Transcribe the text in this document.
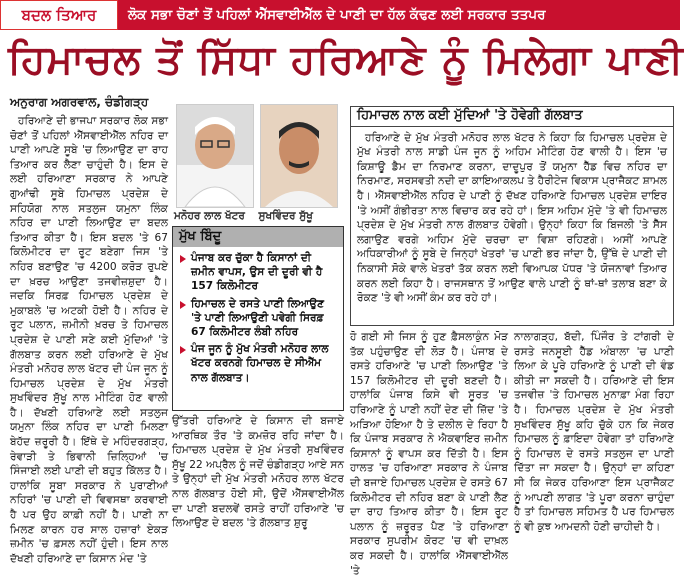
ਬਦਲ ਤਿਆਰ	ਲੋਕ ਸਭਾ ਚੋਣਾਂ ਤੋਂ ਪਹਿਲਾਂ ਐੱਸਵਾਈਐੱਲ ਦੇ ਪਾਣੀ ਦਾ ਹੱਲ ਕੱਢਣ ਲਈ ਸਰਕਾਰ ਤਤਪਰ
ਹਿਮਾਚਲ ਤੋਂ ਸਿੱਧਾ ਹਰਿਆਣੇ ਨੂੰ ਮਿਲੇਗਾ ਪਾਣੀ
ਅਨੁਰਾਗ ਅਗਰਵਾਲ, ਚੰਡੀਗੜ੍ਹ

ਹਰਿਆਣੇ ਦੀ ਭਾਜਪਾ ਸਰਕਾਰ ਲੋਕ ਸਭਾ ਚੋਣਾਂ ਤੋਂ ਪਹਿਲਾਂ ਐੱਸਵਾਈਐੱਲ ਨਹਿਰ ਦਾ ਪਾਣੀ ਆਪਣੇ ਸੂਬੇ 'ਚ ਲਿਆਉਣ ਦਾ ਰਾਹ ਤਿਆਰ ਕਰ ਲੈਣਾ ਚਾਹੁੰਦੀ ਹੈ। ਇਸ ਦੇ ਲਈ ਹਰਿਆਣਾ ਸਰਕਾਰ ਨੇ ਆਪਣੇ ਗੁਆਂਢੀ ਸੂਬੇ ਹਿਮਾਚਲ ਪ੍ਰਦੇਸ਼ ਦੇ ਸਹਿਯੋਗ ਨਾਲ ਸਤਲੁਜ ਯਮੁਨਾ ਲਿੰਕ ਨਹਿਰ ਦਾ ਪਾਣੀ ਲਿਆਉਣ ਦਾ ਬਦਲ ਤਿਆਰ ਕੀਤਾ ਹੈ। ਇਸ ਬਦਲ 'ਤੇ 67 ਕਿਲੋਮੀਟਰ ਦਾ ਰੂਟ ਬਣੇਗਾ ਜਿਸ 'ਤੇ ਨਹਿਰ ਬਣਾਉਣ 'ਚ 4200 ਕਰੋੜ ਰੁਪਏ ਦਾ ਖ਼ਰਚ ਆਉਣਾ ਤਜਵੀਜ਼ਸ਼ੁਦਾ ਹੈ। ਜਦਕਿ ਸਿਰਫ਼ ਹਿਮਾਚਲ ਪ੍ਰਦੇਸ਼ ਦੇ ਮੁਕਾਬਲੇ 'ਚ ਅਟਕੀ ਹੋਈ ਹੈ। ਨਹਿਰ ਦੇ ਰੂਟ ਪਲਾਨ, ਜ਼ਮੀਨੀ ਖ਼ਰਚ ਤੇ ਹਿਮਾਚਲ ਪ੍ਰਦੇਸ਼ ਦੇ ਪਾਣੀ ਸਣੇ ਕਈ ਮੁੱਦਿਆਂ 'ਤੇ ਗੱਲਬਾਤ ਕਰਨ ਲਈ ਹਰਿਆਣੇ ਦੇ ਮੁੱਖ ਮੰਤਰੀ ਮਨੋਹਰ ਲਾਲ ਖੱਟਰ ਦੀ ਪੰਜ ਜੂਨ ਨੂੰ ਹਿਮਾਚਲ ਪ੍ਰਦੇਸ਼ ਦੇ ਮੁੱਖ ਮੰਤਰੀ ਸੁਖਵਿੰਦਰ ਸੁੱਖੂ ਨਾਲ ਮੀਟਿੰਗ ਹੋਣ ਵਾਲੀ ਹੈ। ਦੱਖਣੀ ਹਰਿਆਣੇ ਲਈ ਸਤਲੁਜ ਯਮੁਨਾ ਲਿੰਕ ਨਹਿਰ ਦਾ ਪਾਣੀ ਮਿਲਣਾ ਬੇਹੱਦ ਜ਼ਰੂਰੀ ਹੈ। ਇੱਥੇ ਦੇ ਮਹਿੰਦਰਗੜ੍ਹ, ਰੇਵਾੜੀ ਤੇ ਭਿਵਾਨੀ ਜ਼ਿਲ੍ਹਿਆਂ 'ਚ ਸਿੰਜਾਈ ਲਈ ਪਾਣੀ ਦੀ ਬਹੁਤ ਕਿੱਲਤ ਹੈ। ਹਾਲਾਂਕਿ ਸੂਬਾ ਸਰਕਾਰ ਨੇ ਪੁਰਾਣੀਆਂ ਨਹਿਰਾਂ 'ਚ ਪਾਣੀ ਦੀ ਵਿਵਸਥਾ ਕਰਵਾਈ ਹੈ ਪਰ ਉਹ ਕਾਫ਼ੀ ਨਹੀਂ ਹੈ। ਪਾਣੀ ਨਾ ਮਿਲਣ ਕਾਰਨ ਹਰ ਸਾਲ ਹਜ਼ਾਰਾਂ ਏਕੜ ਜ਼ਮੀਨ 'ਚ ਫ਼ਸਲ ਨਹੀਂ ਹੁੰਦੀ। ਇਸ ਨਾਲ ਦੱਖਣੀ ਹਰਿਆਣੇ ਦਾ ਕਿਸਾਨ ਮੰਦ 'ਤੇ

ਮਨੋਹਰ ਲਾਲ ਖੱਟਰ ਸੁਖਵਿੰਦਰ ਸੁੱਖੂ
ਮੁੱਖ ਬਿੰਦੂ
ਪੰਜਾਬ ਕਰ ਚੁੱਕਾ ਹੈ ਕਿਸਾਨਾਂ ਦੀ ਜ਼ਮੀਨ ਵਾਪਸ, ਉਸ ਦੀ ਦੂਰੀ ਵੀ ਹੈ 157 ਕਿਲੋਮੀਟਰ
ਹਿਮਾਚਲ ਦੇ ਰਸਤੇ ਪਾਣੀ ਲਿਆਉਣ 'ਤੇ ਪਾਣੀ ਲਿਆਉਣੀ ਪਵੇਗੀ ਸਿਰਫ਼ 67 ਕਿਲੋਮੀਟਰ ਲੰਬੀ ਨਹਿਰ
ਪੰਜ ਜੂਨ ਨੂੰ ਮੁੱਖ ਮੰਤਰੀ ਮਨੋਹਰ ਲਾਲ ਖੱਟਰ ਕਰਨਗੇ ਹਿਮਾਚਲ ਦੇ ਸੀਐੱਮ ਨਾਲ ਗੱਲਬਾਤ।
ਹਿਮਾਚਲ ਨਾਲ ਕਈ ਮੁੱਦਿਆਂ 'ਤੇ ਹੋਵੇਗੀ ਗੱਲਬਾਤ

ਹਰਿਆਣੇ ਦੇ ਮੁੱਖ ਮੰਤਰੀ ਮਨੋਹਰ ਲਾਲ ਖੱਟਰ ਨੇ ਕਿਹਾ ਕਿ ਹਿਮਾਚਲ ਪ੍ਰਦੇਸ਼ ਦੇ ਮੁੱਖ ਮੰਤਰੀ ਨਾਲ ਸਾਡੀ ਪੰਜ ਜੂਨ ਨੂੰ ਅਹਿਮ ਮੀਟਿੰਗ ਹੋਣ ਵਾਲੀ ਹੈ। ਇਸ 'ਚ ਕਿਸ਼ਾਊ ਡੈਮ ਦਾ ਨਿਰਮਾਣ ਕਰਨਾ, ਦਾਦੂਪੁਰ ਤੋਂ ਯਮੁਨਾ ਹੈੱਡ ਵਿਚ ਨਹਿਰ ਦਾ ਨਿਰਮਾਣ, ਸਰਸਵਤੀ ਨਦੀ ਦਾ ਕਾਇਆਕਲਪ ਤੇ ਹੈਰੀਟੇਜ ਵਿਕਾਸ ਪ੍ਰਾਜੈਕਟ ਸ਼ਾਮਲ ਹੈ। ਐੱਸਵਾਈਐੱਲ ਨਹਿਰ ਦੇ ਪਾਣੀ ਨੂੰ ਦੱਖਣ ਹਰਿਆਣੇ ਹਿਮਾਚਲ ਪ੍ਰਦੇਸ਼ ਦਾਇਰ 'ਤੇ ਅਸੀਂ ਗੰਭੀਰਤਾ ਨਾਲ ਵਿਚਾਰ ਕਰ ਰਹੇ ਹਾਂ। ਇਸ ਅਹਿਮ ਮੁੱਦੇ 'ਤੇ ਵੀ ਹਿਮਾਚਲ ਪ੍ਰਦੇਸ਼ ਦੇ ਮੁੱਖ ਮੰਤਰੀ ਨਾਲ ਗੱਲਬਾਤ ਹੋਵੇਗੀ। ਉਨ੍ਹਾਂ ਕਿਹਾ ਕਿ ਬਿਜਲੀ 'ਤੇ ਸੈੱਸ ਲਗਾਉਣ ਵਰਗੇ ਅਹਿਮ ਮੁੱਦੇ ਚਰਚਾ ਦਾ ਵਿਸ਼ਾ ਰਹਿਣਗੇ। ਅਸੀਂ ਆਪਣੇ ਅਧਿਕਾਰੀਆਂ ਨੂੰ ਸੂਬੇ ਦੇ ਜਿਨ੍ਹਾਂ ਖੇਤਰਾਂ 'ਚ ਪਾਣੀ ਭਰ ਜਾਂਦਾ ਹੈ, ਉੱਥੇ ਦੇ ਪਾਣੀ ਦੀ ਨਿਕਾਸੀ ਸੋਕੇ ਵਾਲੇ ਖੇਤਰਾਂ ਤੱਕ ਕਰਨ ਲਈ ਵਿਆਪਕ ਪੱਧਰ 'ਤੇ ਯੋਜਨਾਵਾਂ ਤਿਆਰ ਕਰਨ ਲਈ ਕਿਹਾ ਹੈ। ਰਾਜਸਥਾਨ ਤੋਂ ਆਉਣ ਵਾਲੇ ਪਾਣੀ ਨੂੰ ਥਾਂ-ਥਾਂ ਤਲਾਬ ਬਣਾ ਕੇ ਰੋਕਣ 'ਤੇ ਵੀ ਅਸੀਂ ਕੰਮ ਕਰ ਰਹੇ ਹਾਂ।

ਉੱਤਰੀ ਹਰਿਆਣੇ ਦੇ ਕਿਸਾਨ ਦੀ ਬਜਾਏ ਆਰਥਿਕ ਤੌਰ 'ਤੇ ਕਮਜ਼ੋਰ ਰਹਿ ਜਾਂਦਾ ਹੈ। ਹਿਮਾਚਲ ਪ੍ਰਦੇਸ਼ ਦੇ ਮੁੱਖ ਮੰਤਰੀ ਸੁਖਵਿੰਦਰ ਸੁੱਖੂ 22 ਅਪ੍ਰੈਲ ਨੂੰ ਜਦੋਂ ਚੰਡੀਗੜ੍ਹ ਆਏ ਸਨ ਤੇ ਉਨ੍ਹਾਂ ਦੀ ਮੁੱਖ ਮੰਤਰੀ ਮਨੋਹਰ ਲਾਲ ਖੱਟਰ ਨਾਲ ਗੱਲਬਾਤ ਹੋਈ ਸੀ, ਉਦੋਂ ਐੱਸਵਾਈਐੱਲ ਦਾ ਪਾਣੀ ਬਦਲਵੇਂ ਰਸਤੇ ਰਾਹੀਂ ਹਰਿਆਣੇ 'ਚ ਲਿਆਉਣ ਦੇ ਬਦਲ 'ਤੇ ਗੱਲਬਾਤ ਸ਼ੁਰੂ

ਹੋ ਗਈ ਸੀ ਜਿਸ ਨੂੰ ਹੁਣ ਫ਼ੈਸਲਾਕੁੰਨ ਮੋੜ ਤੱਕ ਪਹੁੰਚਾਉਣ ਦੀ ਲੋੜ ਹੈ। ਪੰਜਾਬ ਦੇ ਰਸਤੇ ਹਰਿਆਣੇ 'ਚ ਪਾਣੀ ਲਿਆਉਣ 'ਤੇ 157 ਕਿਲੋਮੀਟਰ ਦੀ ਦੂਰੀ ਬਣਦੀ ਹੈ। ਹਾਲਾਂਕਿ ਪੰਜਾਬ ਕਿਸੇ ਵੀ ਸੂਰਤ 'ਚ ਹਰਿਆਣੇ ਨੂੰ ਪਾਣੀ ਨਹੀਂ ਦੇਣ ਦੀ ਜ਼ਿੱਦ 'ਤੇ ਅੜਿਆ ਹੋਇਆ ਹੈ ਤੇ ਦਲੀਲ ਦੇ ਰਿਹਾ ਹੈ ਕਿ ਪੰਜਾਬ ਸਰਕਾਰ ਨੇ ਐਕਵਾਇਰ ਜ਼ਮੀਨ ਕਿਸਾਨਾਂ ਨੂੰ ਵਾਪਸ ਕਰ ਦਿੱਤੀ ਹੈ। ਇਸ ਹਾਲਤ 'ਚ ਹਰਿਆਣਾ ਸਰਕਾਰ ਨੇ ਪੰਜਾਬ ਦੀ ਬਜਾਏ ਹਿਮਾਚਲ ਪ੍ਰਦੇਸ਼ ਦੇ ਰਸਤੇ 67 ਕਿਲੋਮੀਟਰ ਦੀ ਨਹਿਰ ਬਣਾ ਕੇ ਪਾਣੀ ਲੈਣ ਦਾ ਰਾਹ ਤਿਆਰ ਕੀਤਾ ਹੈ। ਇਸ ਰੂਟ ਪਲਾਨ ਨੂੰ ਜ਼ਰੂਰਤ ਪੈਣ 'ਤੇ ਹਰਿਆਣਾ ਸਰਕਾਰ ਸੁਪਰੀਮ ਕੋਰਟ 'ਚ ਵੀ ਦਾਖ਼ਲ ਕਰ ਸਕਦੀ ਹੈ। ਹਾਲਾਂਕਿ ਐੱਸਵਾਈਐੱਲ 'ਤੇ

ਨਾਲਾਗੜ੍ਹ, ਬੱਦੀ, ਪਿੰਜੌਰ ਤੇ ਟਾਂਗਰੀ ਦੇ ਰਸਤੇ ਜਨਸੂਈ ਹੈੱਡ ਅੰਬਾਲਾ 'ਚ ਪਾਣੀ ਲਿਆ ਕੇ ਪੂਰੇ ਹਰਿਆਣੇ ਨੂੰ ਪਾਣੀ ਦੀ ਵੰਡ ਕੀਤੀ ਜਾ ਸਕਦੀ ਹੈ। ਹਰਿਆਣੇ ਦੀ ਇਸ ਤਜਵੀਜ਼ 'ਤੇ ਹਿਮਾਚਲ ਮੁਨਾਫ਼ਾ ਮੰਗ ਰਿਹਾ ਹੈ। ਹਿਮਾਚਲ ਪ੍ਰਦੇਸ਼ ਦੇ ਮੁੱਖ ਮੰਤਰੀ ਸੁਖਵਿੰਦਰ ਸੁੱਖੂ ਕਹਿ ਚੁੱਕੇ ਹਨ ਕਿ ਜੇਕਰ ਹਿਮਾਚਲ ਨੂੰ ਫ਼ਾਇਦਾ ਹੋਵੇਗਾ ਤਾਂ ਹਰਿਆਣੇ ਨੂੰ ਹਿਮਾਚਲ ਦੇ ਰਸਤੇ ਸਤਲੁਜ ਦਾ ਪਾਣੀ ਦਿੱਤਾ ਜਾ ਸਕਦਾ ਹੈ। ਉਨ੍ਹਾਂ ਦਾ ਕਹਿਣਾ ਸੀ ਕਿ ਜੇਕਰ ਹਰਿਆਣਾ ਇਸ ਪ੍ਰਾਜੈਕਟ ਨੂੰ ਆਪਣੀ ਲਾਗਤ 'ਤੇ ਪੂਰਾ ਕਰਨਾ ਚਾਹੁੰਦਾ ਹੈ ਤਾਂ ਹਿਮਾਚਲ ਸਹਿਮਤ ਹੈ ਪਰ ਹਿਮਾਚਲ ਨੂੰ ਵੀ ਕੁਝ ਆਮਦਨੀ ਹੋਣੀ ਚਾਹੀਦੀ ਹੈ।
